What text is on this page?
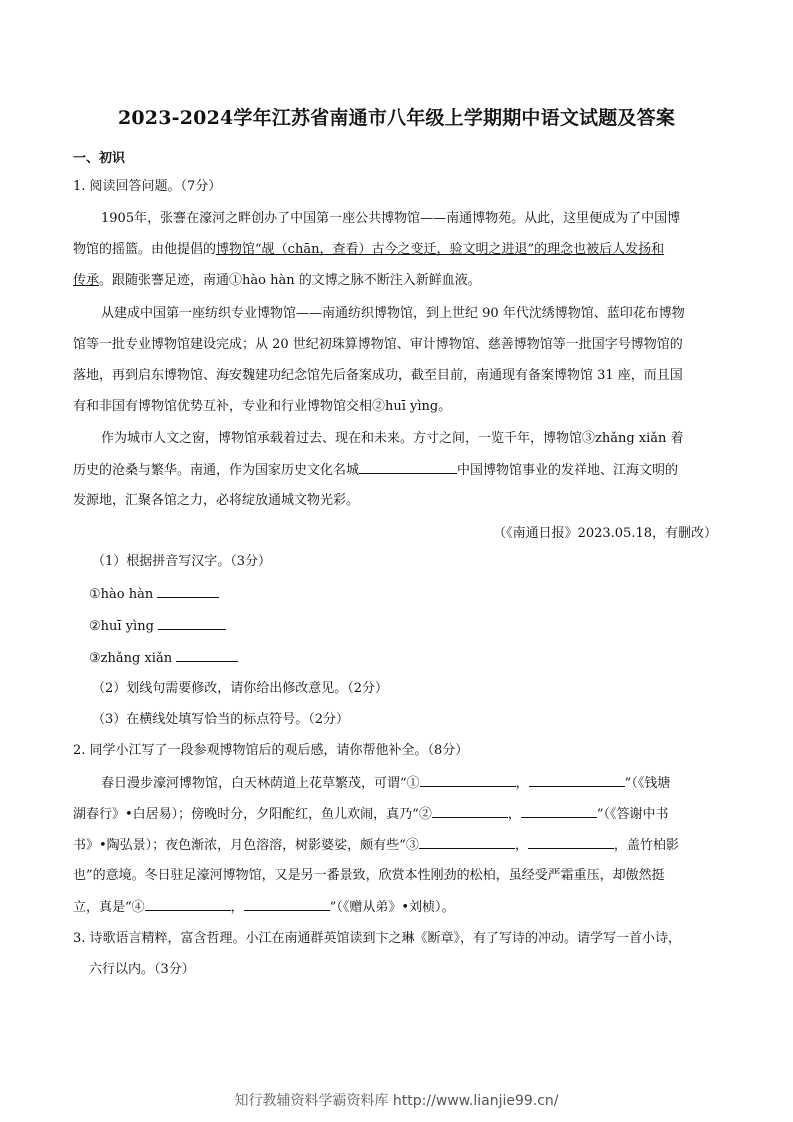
2023-2024学年江苏省南通市八年级上学期期中语文试题及答案
一、初识
1. 阅读回答问题。（7分）
1905年，张謇在濠河之畔创办了中国第一座公共博物馆——南通博物苑。从此，这里便成为了中国博
物馆的摇篮。由他提倡的博物馆“觇（chān，查看）古今之变迁，验文明之进退”的理念也被后人发扬和
传承。跟随张謇足迹，南通①hào hàn 的文博之脉不断注入新鲜血液。
从建成中国第一座纺织专业博物馆——南通纺织博物馆，到上世纪 90 年代沈绣博物馆、蓝印花布博物
馆等一批专业博物馆建设完成；从 20 世纪初珠算博物馆、审计博物馆、慈善博物馆等一批国字号博物馆的
落地，再到启东博物馆、海安魏建功纪念馆先后备案成功，截至目前，南通现有备案博物馆 31 座，而且国
有和非国有博物馆优势互补，专业和行业博物馆交相②huī yìng。
作为城市人文之窗，博物馆承载着过去、现在和未来。方寸之间，一览千年，博物馆③zhǎng xiǎn 着
历史的沧桑与繁华。南通，作为国家历史文化名城	中国博物馆事业的发祥地、江海文明的
发源地，汇聚各馆之力，必将绽放通城文物光彩。
（《南通日报》2023.05.18，有删改）
（1）根据拼音写汉字。（3分）
①hào hàn
②huī yìng
③zhǎng xiǎn
（2）划线句需要修改，请你给出修改意见。（2分）
（3）在横线处填写恰当的标点符号。（2分）
2. 同学小江写了一段参观博物馆后的观后感，请你帮他补全。（8分）
春日漫步濠河博物馆，白天林荫道上花草繁茂，可谓“①	，	”（《钱塘
湖春行》•白居易）；傍晚时分，夕阳酡红，鱼儿欢闹，真乃“②	，	”（《答谢中书
书》•陶弘景）；夜色渐浓，月色溶溶，树影婆娑，颇有些“③	，	，盖竹柏影
也”的意境。冬日驻足濠河博物馆，又是另一番景致，欣赏本性刚劲的松柏，虽经受严霜重压，却傲然挺
立，真是“④	，	”（《赠从弟》•刘桢）。
3. 诗歌语言精粹，富含哲理。小江在南通群英馆读到卞之琳《断章》，有了写诗的冲动。请学写一首小诗，
六行以内。（3分）
知行教辅资料学霸资料库 http://www.lianjie99.cn/
